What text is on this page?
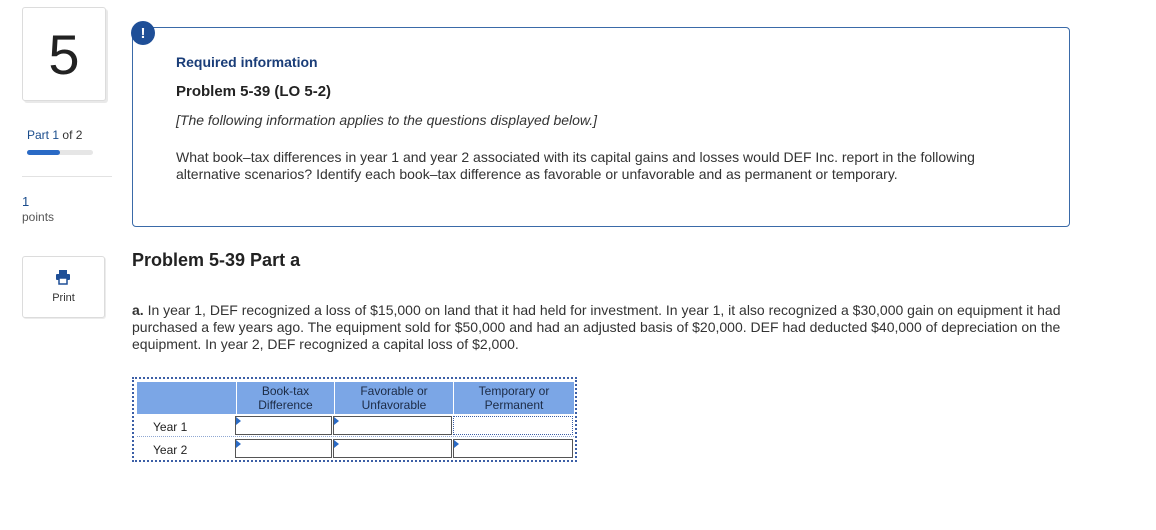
5
Part 1 of 2
1
points
Print
Required information
Problem 5-39 (LO 5-2)
[The following information applies to the questions displayed below.]
What book–tax differences in year 1 and year 2 associated with its capital gains and losses would DEF Inc. report in the following alternative scenarios? Identify each book–tax difference as favorable or unfavorable and as permanent or temporary.
!
Problem 5-39 Part a
a. In year 1, DEF recognized a loss of $15,000 on land that it had held for investment. In year 1, it also recognized a $30,000 gain on equipment it had purchased a few years ago. The equipment sold for $50,000 and had an adjusted basis of $20,000. DEF had deducted $40,000 of depreciation on the equipment. In year 2, DEF recognized a capital loss of $2,000.
Book-tax Difference
Favorable or Unfavorable
Temporary or Permanent
Year 1
Year 2
